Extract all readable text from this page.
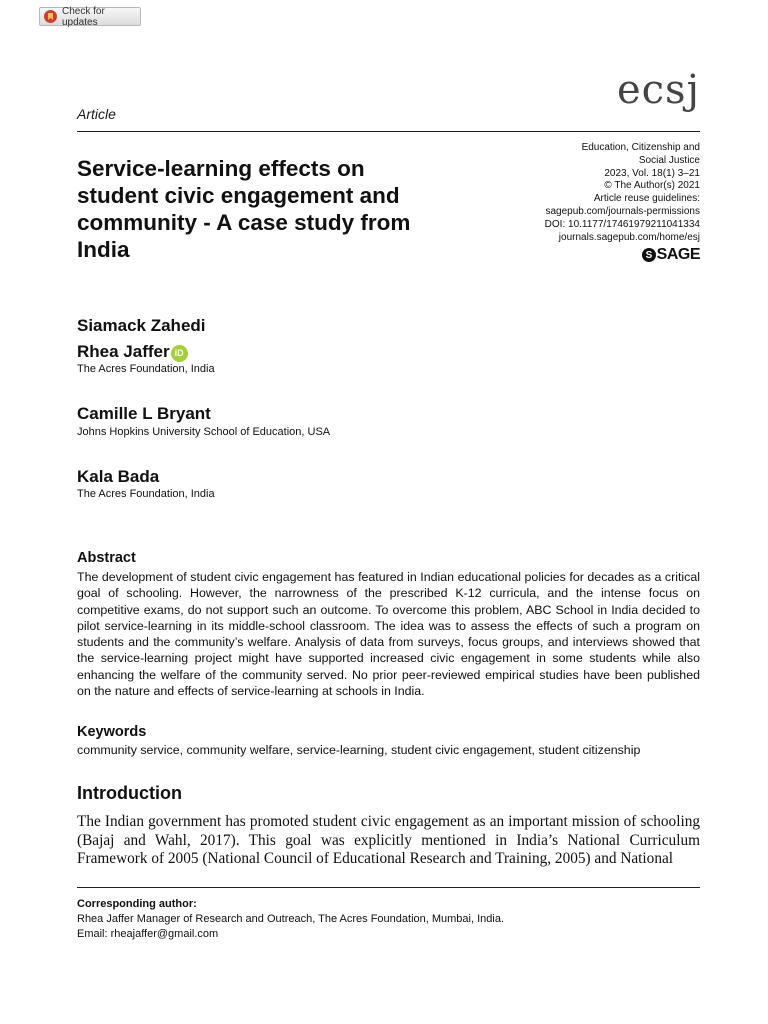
Check for updates
Article
ecsj
Service-learning effects on student civic engagement and community - A case study from India
Education, Citizenship and
Social Justice
2023, Vol. 18(1) 3–21
© The Author(s) 2021
Article reuse guidelines:
sagepub.com/journals-permissions
DOI: 10.1177/17461979211041334
journals.sagepub.com/home/esj
S SAGE
Siamack Zahedi
Rhea Jaffer iD
The Acres Foundation, India
Camille L Bryant
Johns Hopkins University School of Education, USA
Kala Bada
The Acres Foundation, India
Abstract

The development of student civic engagement has featured in Indian educational policies for decades as a critical goal of schooling. However, the narrowness of the prescribed K-12 curricula, and the intense focus on competitive exams, do not support such an outcome. To overcome this problem, ABC School in India decided to pilot service-learning in its middle-school classroom. The idea was to assess the effects of such a program on students and the community’s welfare. Analysis of data from surveys, focus groups, and interviews showed that the service-learning project might have supported increased civic engagement in some students while also enhancing the welfare of the community served. No prior peer-reviewed empirical studies have been published on the nature and effects of service-learning at schools in India.

Keywords
community service, community welfare, service-learning, student civic engagement, student citizenship
Introduction

The Indian government has promoted student civic engagement as an important mission of schooling (Bajaj and Wahl, 2017). This goal was explicitly mentioned in India’s National Curriculum Framework of 2005 (National Council of Educational Research and Training, 2005) and National

Corresponding author:
Rhea Jaffer Manager of Research and Outreach, The Acres Foundation, Mumbai, India.
Email: rheajaffer@gmail.com
